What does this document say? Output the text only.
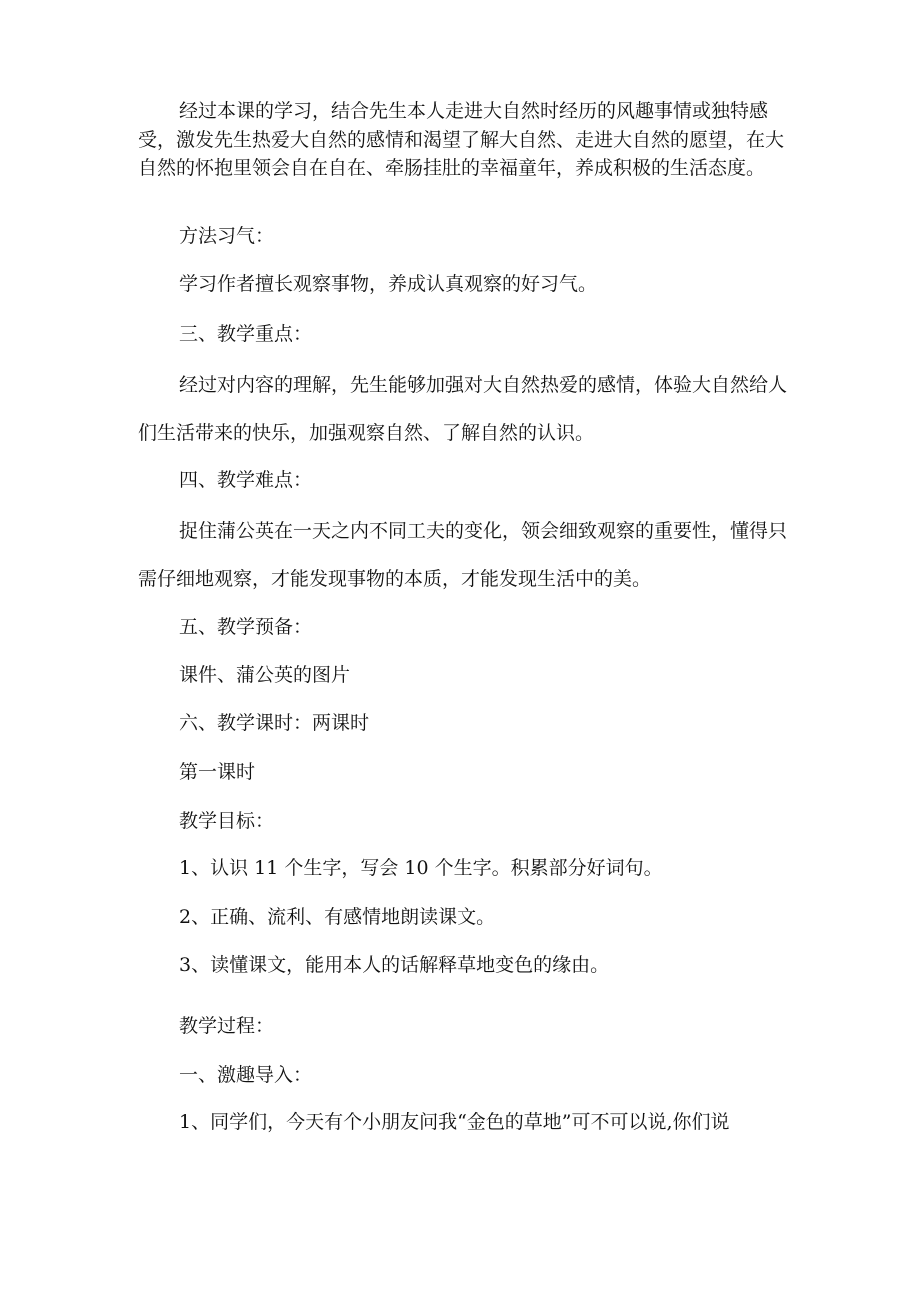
经过本课的学习，结合先生本人走进大自然时经历的风趣事情或独特感受，激发先生热爱大自然的感情和渴望了解大自然、走进大自然的愿望，在大自然的怀抱里领会自在自在、牵肠挂肚的幸福童年，养成积极的生活态度。

方法习气：

学习作者擅长观察事物，养成认真观察的好习气。

三、教学重点：

经过对内容的理解，先生能够加强对大自然热爱的感情，体验大自然给人们生活带来的快乐，加强观察自然、了解自然的认识。

四、教学难点：

捉住蒲公英在一天之内不同工夫的变化，领会细致观察的重要性，懂得只需仔细地观察，才能发现事物的本质，才能发现生活中的美。

五、教学预备：

课件、蒲公英的图片

六、教学课时：两课时

第一课时

教学目标：

1、认识 11 个生字，写会 10 个生字。积累部分好词句。

2、正确、流利、有感情地朗读课文。

3、读懂课文，能用本人的话解释草地变色的缘由。

教学过程：

一、激趣导入：

1、同学们，今天有个小朋友问我“金色的草地”可不可以说,你们说
